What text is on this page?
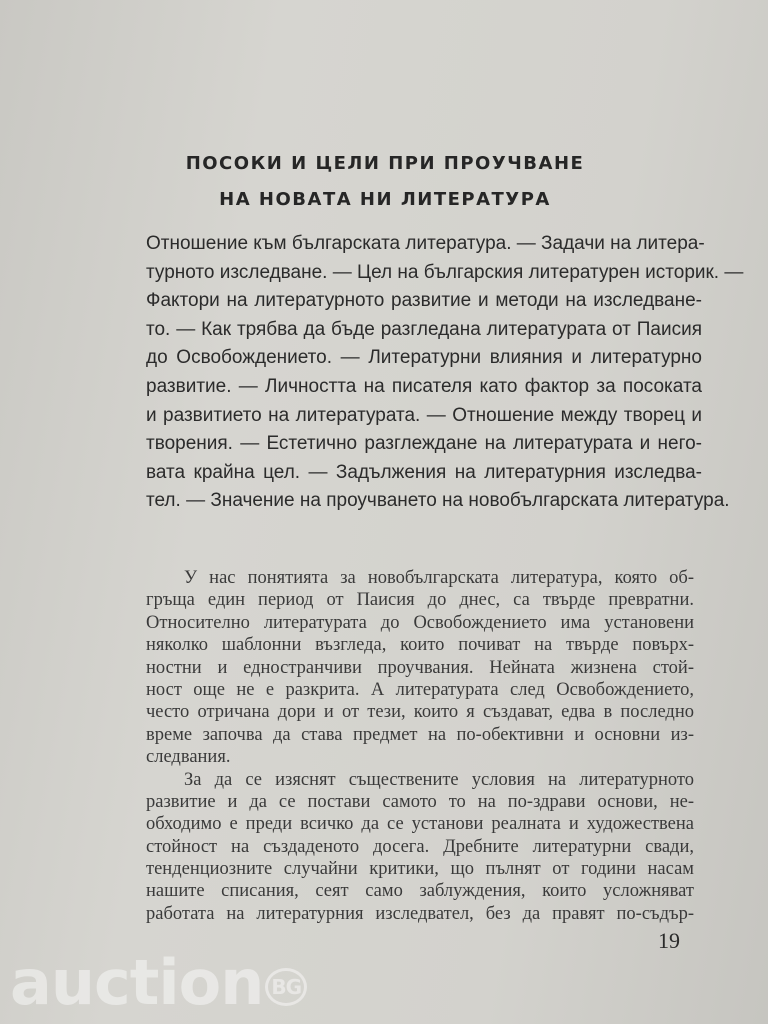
ПОСОКИ И ЦЕЛИ ПРИ ПРОУЧВАНЕ
НА НОВАТА НИ ЛИТЕРАТУРА
Отношение към българската литература. — Задачи на литера-
турното изследване. — Цел на българския литературен историк. —
Фактори на литературното развитие и методи на изследване-
то. — Как трябва да бъде разгледана литературата от Паисия
до Освобождението. — Литературни влияния и литературно
развитие. — Личността на писателя като фактор за посоката
и развитието на литературата. — Отношение между творец и
творения. — Естетично разглеждане на литературата и него-
вата крайна цел. — Задължения на литературния изследва-
тел. — Значение на проучването на новобългарската литература.
У нас понятията за новобългарската литература, която об-
гръща един период от Паисия до днес, са твърде превратни.
Относително литературата до Освобождението има установени
няколко шаблонни възгледа, които почиват на твърде повърх-
ностни и едностранчиви проучвания. Нейната жизнена стой-
ност още не е разкрита. А литературата след Освобождението,
често отричана дори и от тези, които я създават, едва в последно
време започва да става предмет на по-обективни и основни из-
следвания.
За да се изяснят съществените условия на литературното
развитие и да се постави самото то на по-здрави основи, не-
обходимо е преди всичко да се установи реалната и художествена
стойност на създаденото досега. Дребните литературни свади,
тенденциозните случайни критики, що пълнят от години насам
нашите списания, сеят само заблуждения, които усложняват
работата на литературния изследвател, без да правят по-съдър-
19
auction BG
